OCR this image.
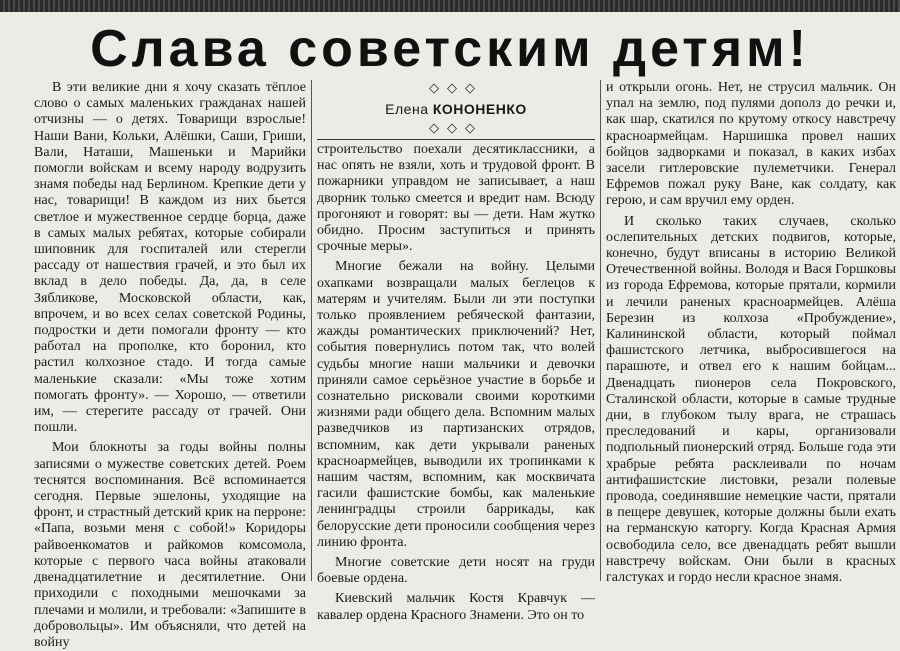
Слава советским детям!

В эти великие дни я хочу сказать тёплое слово о самых маленьких гражданах нашей отчизны — о детях. Товарищи взрослые! Наши Вани, Кольки, Алёшки, Саши, Гриши, Вали, Наташи, Машеньки и Марийки помогли войскам и всему народу водрузить знамя победы над Берлином. Крепкие дети у нас, товарищи! В каждом из них бьется светлое и мужественное сердце борца, даже в самых малых ребятах, которые собирали шиповник для госпиталей или стерегли рассаду от нашествия грачей, и это был их вклад в дело победы. Да, да, в селе Зябликове, Московской области, как, впрочем, и во всех селах советской Родины, подростки и дети помогали фронту — кто работал на прополке, кто боронил, кто растил колхозное стадо. И тогда самые маленькие сказали: «Мы тоже хотим помогать фронту». — Хорошо, — ответили им, — стерегите рассаду от грачей. Они пошли.

Мои блокноты за годы войны полны записями о мужестве советских детей. Роем теснятся воспоминания. Всё вспоминается сегодня. Первые эшелоны, уходящие на фронт, и страстный детский крик на перроне: «Папа, возьми меня с собой!» Коридоры райвоенкоматов и райкомов комсомола, которые с первого часа войны атаковали двенадцатилетние и десятилетние. Они приходили с походными мешочками за плечами и молили, и требовали: «Запишите в добровольцы». Им объясняли, что детей на войну

◇◇◇
Елена КОНОНЕНКО
◇◇◇

строительство поехали десятиклассники, а нас опять не взяли, хоть и трудовой фронт. В пожарники управдом не записывает, а наш дворник только смеется и вредит нам. Всюду прогоняют и говорят: вы — дети. Нам жутко обидно. Просим заступиться и принять срочные меры».

Многие бежали на войну. Целыми охапками возвращали малых беглецов к матерям и учителям. Были ли эти поступки только проявлением ребяческой фантазии, жажды романтических приключений? Нет, события повернулись потом так, что волей судьбы многие наши мальчики и девочки приняли самое серьёзное участие в борьбе и сознательно рисковали своими короткими жизнями ради общего дела. Вспомним малых разведчиков из партизанских отрядов, вспомним, как дети укрывали раненых красноармейцев, выводили их тропинками к нашим частям, вспомним, как москвичата гасили фашистские бомбы, как маленькие ленинградцы строили баррикады, как белорусские дети проносили сообщения через линию фронта.

Многие советские дети носят на груди боевые ордена.

Киевский мальчик Костя Кравчук — кавалер ордена Красного Знамени. Это он то

и открыли огонь. Нет, не струсил мальчик. Он упал на землю, под пулями дополз до речки и, как шар, скатился по крутому откосу навстречу красноармейцам. Наршишка провел наших бойцов задворками и показал, в каких избах засели гитлеровские пулеметчики. Генерал Ефремов пожал руку Ване, как солдату, как герою, и сам вручил ему орден.

И сколько таких случаев, сколько ослепительных детских подвигов, которые, конечно, будут вписаны в историю Великой Отечественной войны. Володя и Вася Горшковы из города Ефремова, которые прятали, кормили и лечили раненых красноармейцев. Алёша Березин из колхоза «Пробуждение», Калининской области, который поймал фашистского летчика, выбросившегося на парашюте, и отвел его к нашим бойцам... Двенадцать пионеров села Покровского, Сталинской области, которые в самые трудные дни, в глубоком тылу врага, не страшась преследований и кары, организовали подпольный пионерский отряд. Больше года эти храбрые ребята расклеивали по ночам антифашистские листовки, резали полевые провода, соединявшие немецкие части, прятали в пещере девушек, которые должны были ехать на германскую каторгу. Когда Красная Армия освободила село, все двенадцать ребят вышли навстречу войскам. Они были в красных галстуках и гордо несли красное знамя.
